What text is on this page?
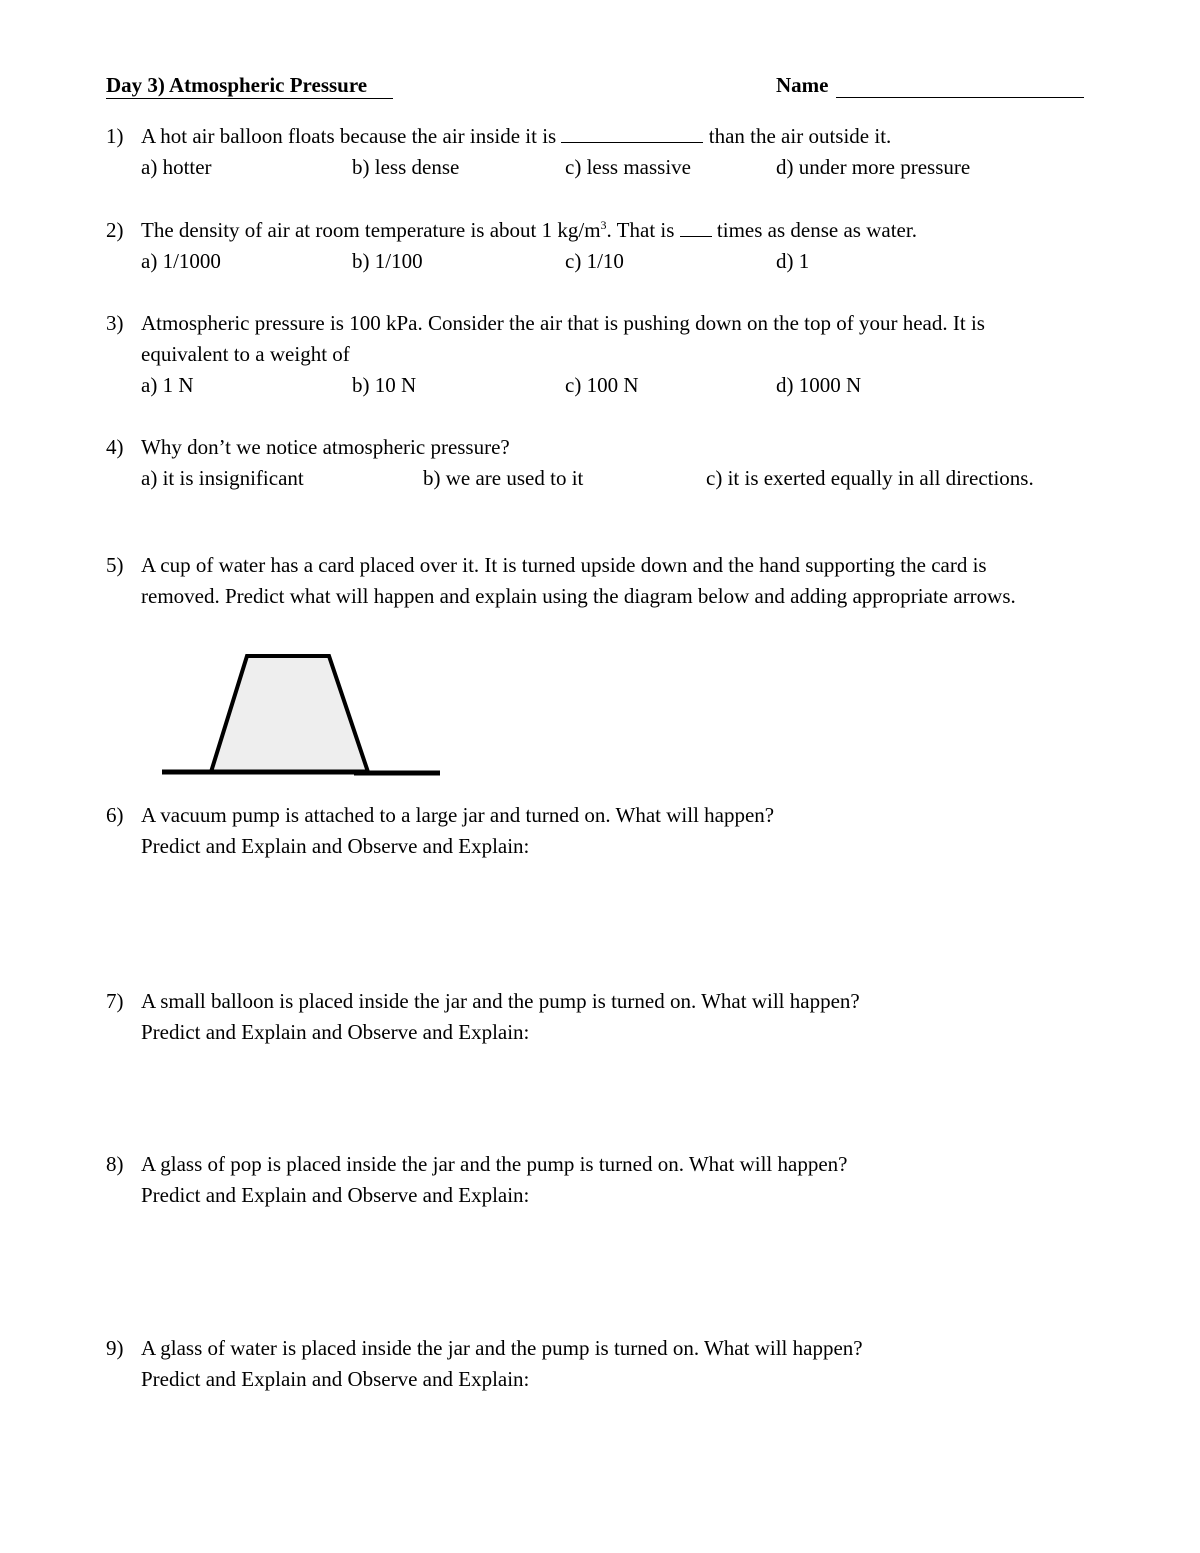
Day 3) Atmospheric Pressure	Name
1) A hot air balloon floats because the air inside it is	than the air outside it.
a) hotter	b) less dense	c) less massive	d) under more pressure
2) The density of air at room temperature is about 1 $kg/m^3$. That is times as dense as water.
a) 1/1000	b) 1/100	c) 1/10	d) 1
3) Atmospheric pressure is 100 kPa. Consider the air that is pushing down on the top of your head. It is
equivalent to a weight of
a) 1 N	b) 10 N	c) 100 N	d) 1000 N
4) Why don’t we notice atmospheric pressure?
a) it is insignificant	b) we are used to it	c) it is exerted equally in all directions.
5) A cup of water has a card placed over it. It is turned upside down and the hand supporting the card is
removed. Predict what will happen and explain using the diagram below and adding appropriate arrows.
6) A vacuum pump is attached to a large jar and turned on. What will happen?
Predict and Explain and Observe and Explain:
7) A small balloon is placed inside the jar and the pump is turned on. What will happen?
Predict and Explain and Observe and Explain:
8) A glass of pop is placed inside the jar and the pump is turned on. What will happen?
Predict and Explain and Observe and Explain:
9) A glass of water is placed inside the jar and the pump is turned on. What will happen?
Predict and Explain and Observe and Explain:
